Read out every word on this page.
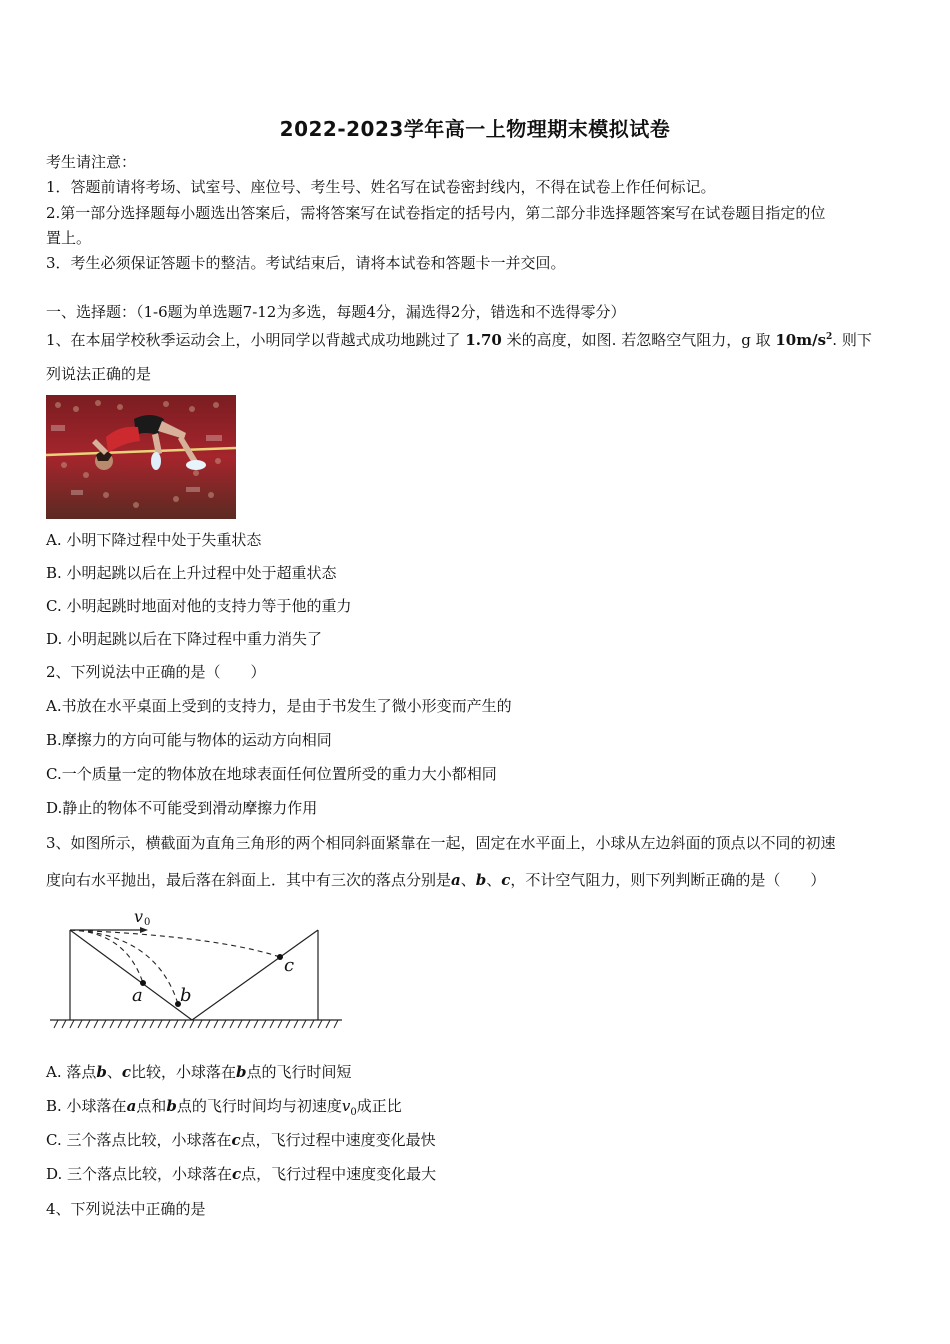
2022-2023学年高一上物理期末模拟试卷
考生请注意：
1．答题前请将考场、试室号、座位号、考生号、姓名写在试卷密封线内，不得在试卷上作任何标记。
2.第一部分选择题每小题选出答案后，需将答案写在试卷指定的括号内，第二部分非选择题答案写在试卷题目指定的位
置上。
3．考生必须保证答题卡的整洁。考试结束后，请将本试卷和答题卡一并交回。
一、选择题：（1-6题为单选题7-12为多选，每题4分，漏选得2分，错选和不选得零分）
1、在本届学校秋季运动会上，小明同学以背越式成功地跳过了 1.70 米的高度，如图. 若忽略空气阻力，g 取 $10m/s^2$. 则下
列说法正确的是
A. 小明下降过程中处于失重状态
B. 小明起跳以后在上升过程中处于超重状态
C. 小明起跳时地面对他的支持力等于他的重力
D. 小明起跳以后在下降过程中重力消失了
2、下列说法中正确的是（　　）
A.书放在水平桌面上受到的支持力，是由于书发生了微小形变而产生的
B.摩擦力的方向可能与物体的运动方向相同
C.一个质量一定的物体放在地球表面任何位置所受的重力大小都相同
D.静止的物体不可能受到滑动摩擦力作用
3、如图所示，横截面为直角三角形的两个相同斜面紧靠在一起，固定在水平面上，小球从左边斜面的顶点以不同的初速
度向右水平抛出，最后落在斜面上．其中有三次的落点分别是a、b、c，不计空气阻力，则下列判断正确的是（　　）
v 0
a b
c
A. 落点b、c比较，小球落在b点的飞行时间短
B. 小球落在a点和b点的飞行时间均与初速度$v_0$成正比
C. 三个落点比较，小球落在c点，飞行过程中速度变化最快
D. 三个落点比较，小球落在c点，飞行过程中速度变化最大
4、下列说法中正确的是
